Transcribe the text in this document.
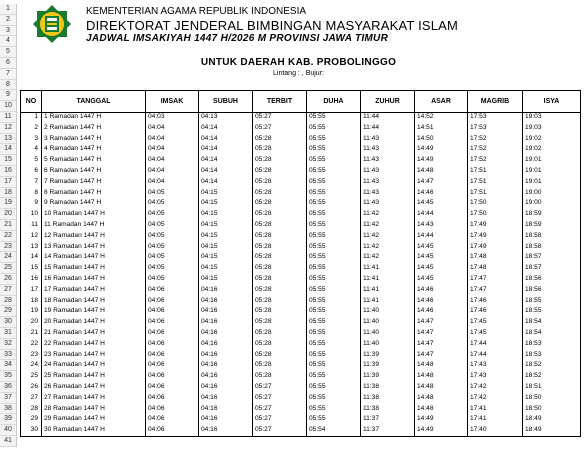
1
2
3
4
5
6
7
8
9
10
11
12
13
14
15
16
17
18
19
20
21
22
23
24
25
26
27
28
29
30
31
32
33
34
35
36
37
38
39
40
41
KEMENTERIAN AGAMA REPUBLIK INDONESIA
DIREKTORAT JENDERAL BIMBINGAN MASYARAKAT ISLAM
JADWAL IMSAKIYAH 1447 H/2026 M PROVINSI JAWA TIMUR
UNTUK DAERAH KAB. PROBOLINGGO
Lintang : , Bujur:
NO	TANGGAL	IMSAK	SUBUH	TERBIT	DUHA	ZUHUR	ASAR	MAGRIB	ISYA
1 1 Ramadan 1447 H	04:03	04:13	05:27	05:55	11:44	14:52	17:53	19:03
2 2 Ramadan 1447 H	04:04	04:14	05:27	05:55	11:44	14:51	17:53	19:03
3 3 Ramadan 1447 H	04:04	04:14	05:28	05:55	11:43	14:50	17:52	19:02
4 4 Ramadan 1447 H	04:04	04:14	05:28	05:55	11:43	14:49	17:52	19:02
5 5 Ramadan 1447 H	04:04	04:14	05:28	05:55	11:43	14:49	17:52	19:01
6 6 Ramadan 1447 H	04:04	04:14	05:28	05:55	11:43	14:48	17:51	19:01
7 7 Ramadan 1447 H	04:04	04:14	05:28	05:55	11:43	14:47	17:51	19:01
8 8 Ramadan 1447 H	04:05	04:15	05:28	05:55	11:43	14:46	17:51	19:00
9 9 Ramadan 1447 H	04:05	04:15	05:28	05:55	11:43	14:45	17:50	19:00
10 10 Ramadan 1447 H	04:05	04:15	05:28	05:55	11:42	14:44	17:50	18:59
11 11 Ramadan 1447 H	04:05	04:15	05:28	05:55	11:42	14:43	17:49	18:59
12 12 Ramadan 1447 H	04:05	04:15	05:28	05:55	11:42	14:44	17:49	18:58
13 13 Ramadan 1447 H	04:05	04:15	05:28	05:55	11:42	14:45	17:49	18:58
14 14 Ramadan 1447 H	04:05	04:15	05:28	05:55	11:42	14:45	17:48	18:57
15 15 Ramadan 1447 H	04:05	04:15	05:28	05:55	11:41	14:45	17:48	18:57
16 16 Ramadan 1447 H	04:05	04:15	05:28	05:55	11:41	14:45	17:47	18:56
17 17 Ramadan 1447 H	04:06	04:16	05:28	05:55	11:41	14:46	17:47	18:56
18 18 Ramadan 1447 H	04:06	04:16	05:28	05:55	11:41	14:46	17:46	18:55
19 19 Ramadan 1447 H	04:06	04:16	05:28	05:55	11:40	14:46	17:46	18:55
20 20 Ramadan 1447 H	04:06	04:16	05:28	05:55	11:40	14:47	17:45	18:54
21 21 Ramadan 1447 H	04:06	04:16	05:28	05:55	11:40	14:47	17:45	18:54
22 22 Ramadan 1447 H	04:06	04:16	05:28	05:55	11:40	14:47	17:44	18:53
23 23 Ramadan 1447 H	04:06	04:16	05:28	05:55	11:39	14:47	17:44	18:53
24 24 Ramadan 1447 H	04:06	04:16	05:28	05:55	11:39	14:48	17:43	18:52
25 25 Ramadan 1447 H	04:06	04:16	05:28	05:55	11:39	14:48	17:43	18:52
26 26 Ramadan 1447 H	04:06	04:16	05:27	05:55	11:38	14:48	17:42	18:51
27 27 Ramadan 1447 H	04:06	04:16	05:27	05:55	11:38	14:48	17:42	18:50
28 28 Ramadan 1447 H	04:06	04:16	05:27	05:55	11:38	14:48	17:41	18:50
29 29 Ramadan 1447 H	04:06	04:16	05:27	05:55	11:37	14:49	17:41	18:49
30 30 Ramadan 1447 H	04:06	04:16	05:27	05:54	11:37	14:49	17:40	18:49
